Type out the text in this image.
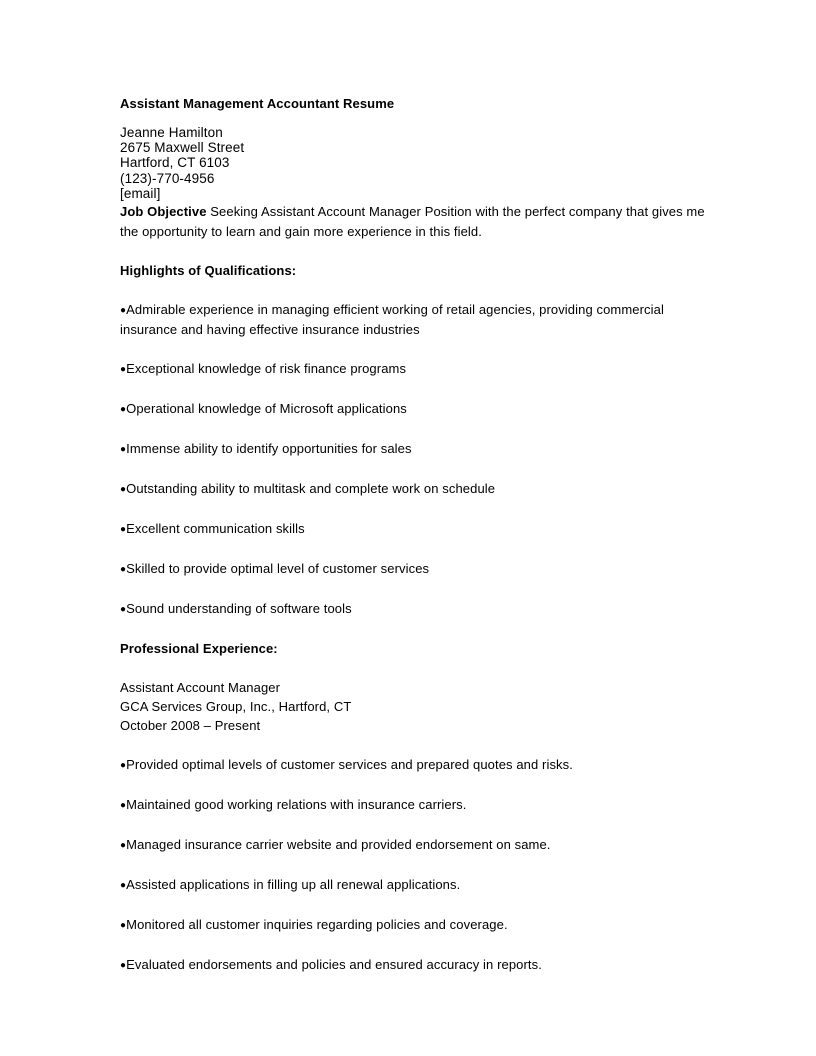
Assistant Management Accountant Resume
Jeanne Hamilton
2675 Maxwell Street
Hartford, CT 6103
(123)-770-4956
[email]
Job Objective Seeking Assistant Account Manager Position with the perfect company that gives me the opportunity to learn and gain more experience in this field.
Highlights of Qualifications:
●Admirable experience in managing efficient working of retail agencies, providing commercial insurance and having effective insurance industries
●Exceptional knowledge of risk finance programs
●Operational knowledge of Microsoft applications
●Immense ability to identify opportunities for sales
●Outstanding ability to multitask and complete work on schedule
●Excellent communication skills
●Skilled to provide optimal level of customer services
●Sound understanding of software tools
Professional Experience:
Assistant Account Manager
GCA Services Group, Inc., Hartford, CT
October 2008 – Present
●Provided optimal levels of customer services and prepared quotes and risks.
●Maintained good working relations with insurance carriers.
●Managed insurance carrier website and provided endorsement on same.
●Assisted applications in filling up all renewal applications.
●Monitored all customer inquiries regarding policies and coverage.
●Evaluated endorsements and policies and ensured accuracy in reports.
